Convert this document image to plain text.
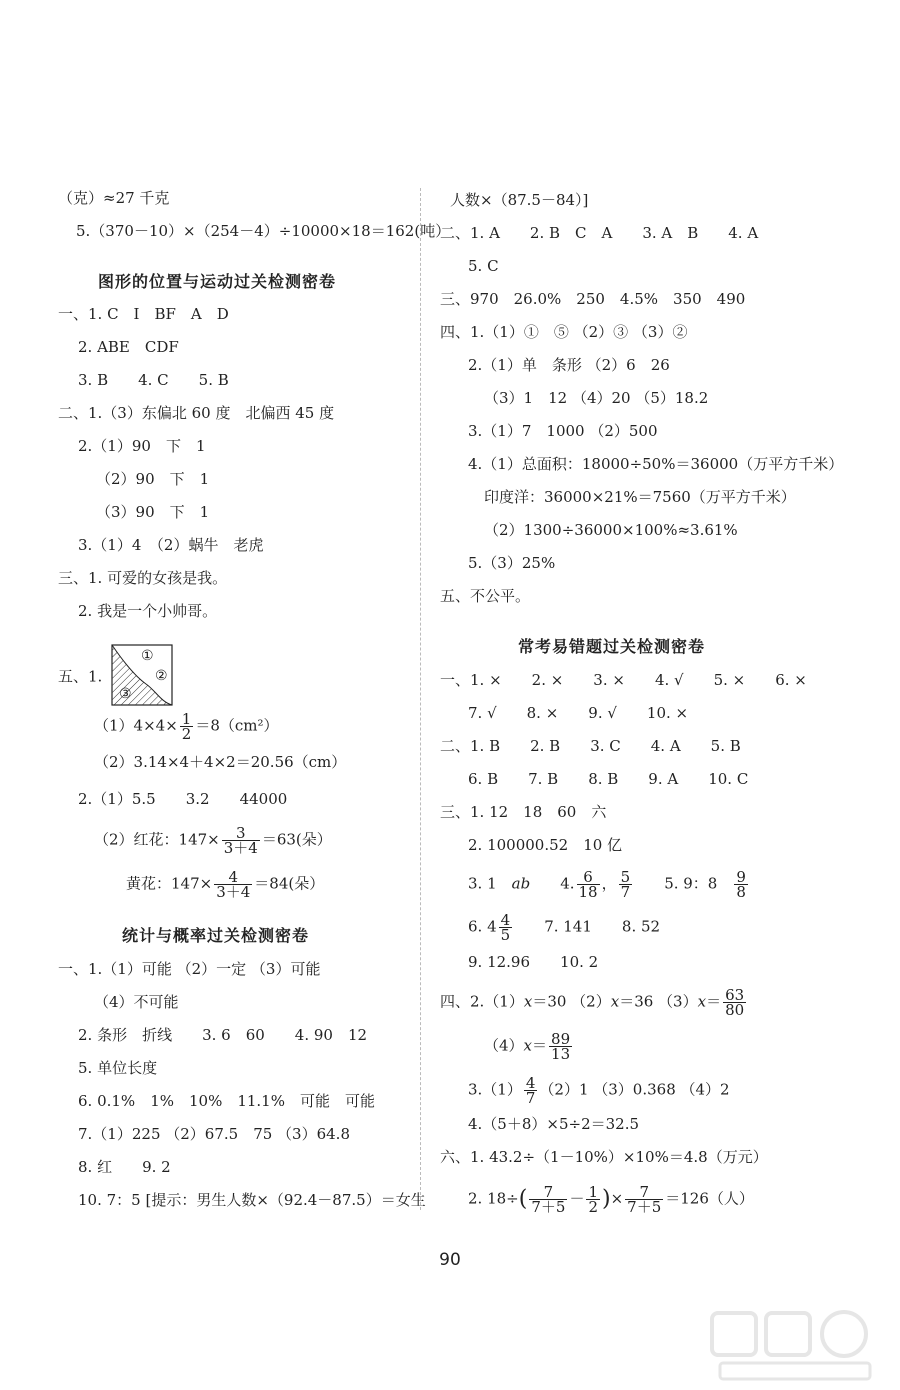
（克）≈27 千克
5.（370－10）×（254－4）÷10000×18＝162(吨）
图形的位置与运动过关检测密卷
一、1. C　I　BF　A　D
2. ABE　CDF
3. B　　4. C　　5. B
二、1.（3）东偏北 60 度　北偏西 45 度
2.（1）90　下　1
（2）90　下　1
（3）90　下　1
3.（1）4　（2）蜗牛　老虎
三、1. 可爱的女孩是我。
2. 我是一个小帅哥。
五、1.
①
②
③
$(1)4\times 4\times \frac{1}{2} =8(cm^2)$
（2）3.14×4＋4×2＝20.56（cm）
2.（1）5.5　　3.2　　44000
（2）红花：$147\times \frac{3}{3+4} =63$(朵）
黄花：$147\times \frac{4}{3+4} =84$(朵）
统计与概率过关检测密卷
一、1.（1）可能 （2）一定 （3）可能
（4）不可能
2. 条形　折线　　3. 6　60　　4. 90　12
5. 单位长度
6. 0.1%　1%　10%　11.1%　可能　可能
7.（1）225 （2）67.5　75 （3）64.8
8. 红　　9. 2
10. 7：5 [提示：男生人数×（92.4－87.5）＝女生
人数×（87.5－84）]
二、1. A　　2. B　C　A　　3. A　B　　4. A
5. C
三、970　26.0%　250　4.5%　350　490
四、1.（1）①　⑤ （2）③ （3）②
2.（1）单　条形 （2）6　26
（3）1　12 （4）20 （5）18.2
3.（1）7　1000 （2）500
4.（1）总面积：18000÷50%＝36000（万平方千米）
印度洋：36000×21%＝7560（万平方千米）
（2）1300÷36000×100%≈3.61%
5.（3）25%
五、不公平。
常考易错题过关检测密卷
一、1. ×　　2. ×　　3. ×　　4. √　　5. ×　　6. ×
7. √　　8. ×　　9. √　　10. ×
二、1. B　　2. B　　3. C　　4. A　　5. B
6. B　　7. B　　8. B　　9. A　　10. C
三、1. 12　18　60　六
2. 100000.52　10 亿
3. 1　 ab　　 4. $\frac{6}{18}$ ， $\frac{5}{7}$
　　 5. 9：8　 $\frac{9}{8}$
6. $4 \frac{4}{5}$
　　 7. 141　　8. 52
9. 12.96　　10. 2
四、2.（1）x＝30 （2）x＝36 $(3)x= \frac{63}{80}$
$(4)x= \frac{89}{13}$
$3.(1) \frac{4}{7} (2)1$ （3）0.368 （4）2
4.（5＋8）×5÷2＝32.5
六、1. 43.2÷（1－10%）×10%＝4.8（万元）
2. $18\div( \frac{7}{7+5} - \frac{1}{2}$ )× $\frac{7}{7+5} =126$（人）
90
